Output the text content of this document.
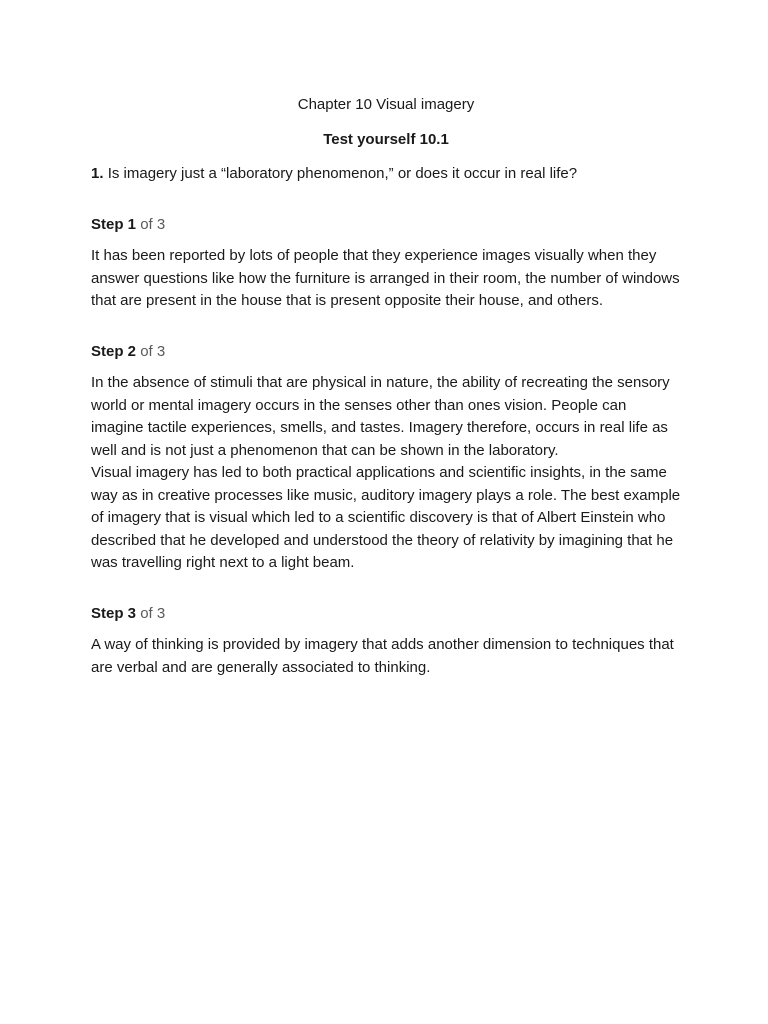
Chapter 10 Visual imagery
Test yourself 10.1
1. Is imagery just a “laboratory phenomenon,” or does it occur in real life?
Step 1 of 3

It has been reported by lots of people that they experience images visually when they answer questions like how the furniture is arranged in their room, the number of windows that are present in the house that is present opposite their house, and others.

Step 2 of 3

In the absence of stimuli that are physical in nature, the ability of recreating the sensory world or mental imagery occurs in the senses other than ones vision. People can imagine tactile experiences, smells, and tastes. Imagery therefore, occurs in real life as well and is not just a phenomenon that can be shown in the laboratory.

Visual imagery has led to both practical applications and scientific insights, in the same way as in creative processes like music, auditory imagery plays a role. The best example of imagery that is visual which led to a scientific discovery is that of Albert Einstein who described that he developed and understood the theory of relativity by imagining that he was travelling right next to a light beam.

Step 3 of 3

A way of thinking is provided by imagery that adds another dimension to techniques that are verbal and are generally associated to thinking.
